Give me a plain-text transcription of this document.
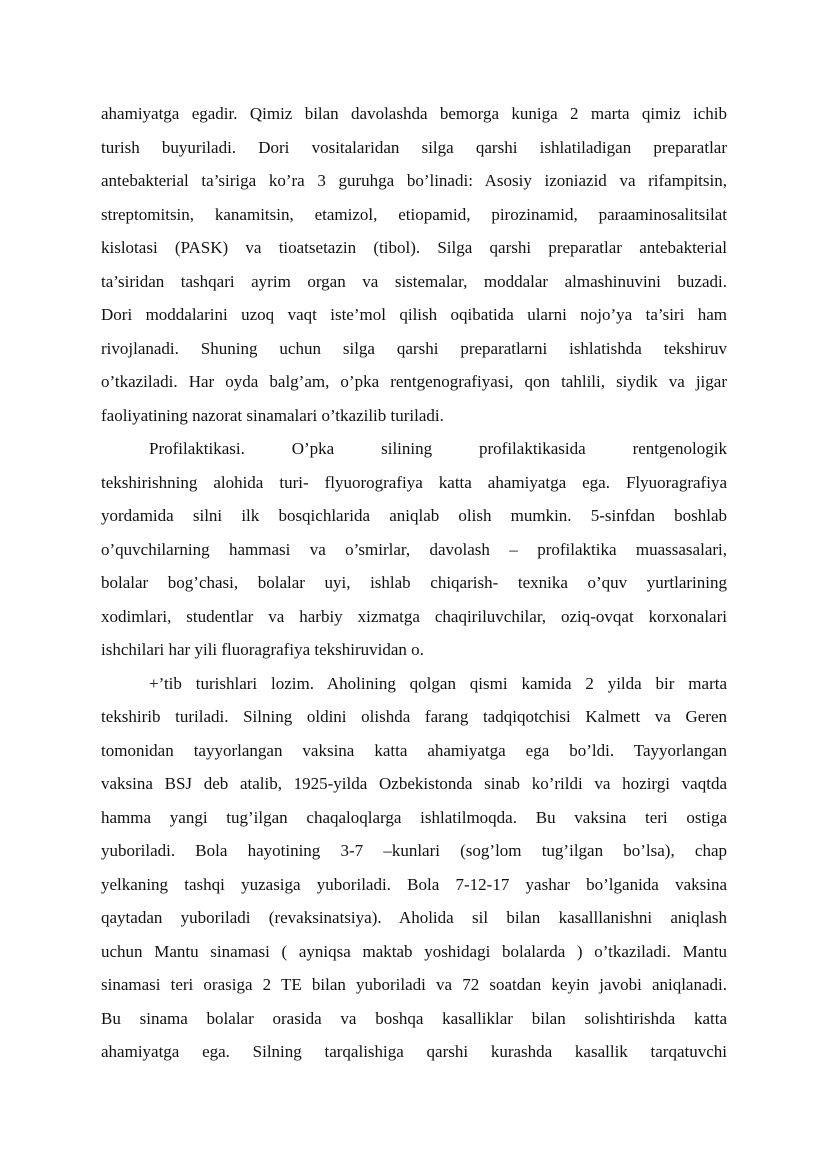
ahamiyatga egadir. Qimiz bilan davolashda bemorga kuniga 2 marta qimiz ichib
turish buyuriladi. Dori vositalaridan silga qarshi ishlatiladigan preparatlar
antebakterial ta’siriga ko’ra 3 guruhga bo’linadi: Asosiy izoniazid va rifampitsin,
streptomitsin, kanamitsin, etamizol, etiopamid, pirozinamid, paraaminosalitsilat
kislotasi (PASK) va tioatsetazin (tibol). Silga qarshi preparatlar antebakterial
ta’siridan tashqari ayrim organ va sistemalar, moddalar almashinuvini buzadi.
Dori moddalarini uzoq vaqt iste’mol qilish oqibatida ularni nojo’ya ta’siri ham
rivojlanadi. Shuning uchun silga qarshi preparatlarni ishlatishda tekshiruv
o’tkaziladi. Har oyda balg’am, o’pka rentgenografiyasi, qon tahlili, siydik va jigar
faoliyatining nazorat sinamalari o’tkazilib turiladi.
Profilaktikasi. O’pka silining profilaktikasida rentgenologik
tekshirishning alohida turi- flyuorografiya katta ahamiyatga ega. Flyuoragrafiya
yordamida silni ilk bosqichlarida aniqlab olish mumkin. 5-sinfdan boshlab
o’quvchilarning hammasi va o’smirlar, davolash – profilaktika muassasalari,
bolalar bog’chasi, bolalar uyi, ishlab chiqarish- texnika o’quv yurtlarining
xodimlari, studentlar va harbiy xizmatga chaqiriluvchilar, oziq-ovqat korxonalari
ishchilari har yili fluoragrafiya tekshiruvidan o.
+’tib turishlari lozim. Aholining qolgan qismi kamida 2 yilda bir marta
tekshirib turiladi. Silning oldini olishda farang tadqiqotchisi Kalmett va Geren
tomonidan tayyorlangan vaksina katta ahamiyatga ega bo’ldi. Tayyorlangan
vaksina BSJ deb atalib, 1925-yilda Ozbekistonda sinab ko’rildi va hozirgi vaqtda
hamma yangi tug’ilgan chaqaloqlarga ishlatilmoqda. Bu vaksina teri ostiga
yuboriladi. Bola hayotining 3-7 –kunlari (sog’lom tug’ilgan bo’lsa), chap
yelkaning tashqi yuzasiga yuboriladi. Bola 7-12-17 yashar bo’lganida vaksina
qaytadan yuboriladi (revaksinatsiya). Aholida sil bilan kasalllanishni aniqlash
uchun Mantu sinamasi ( ayniqsa maktab yoshidagi bolalarda ) o’tkaziladi. Mantu
sinamasi teri orasiga 2 TE bilan yuboriladi va 72 soatdan keyin javobi aniqlanadi.
Bu sinama bolalar orasida va boshqa kasalliklar bilan solishtirishda katta
ahamiyatga ega. Silning tarqalishiga qarshi kurashda kasallik tarqatuvchi
